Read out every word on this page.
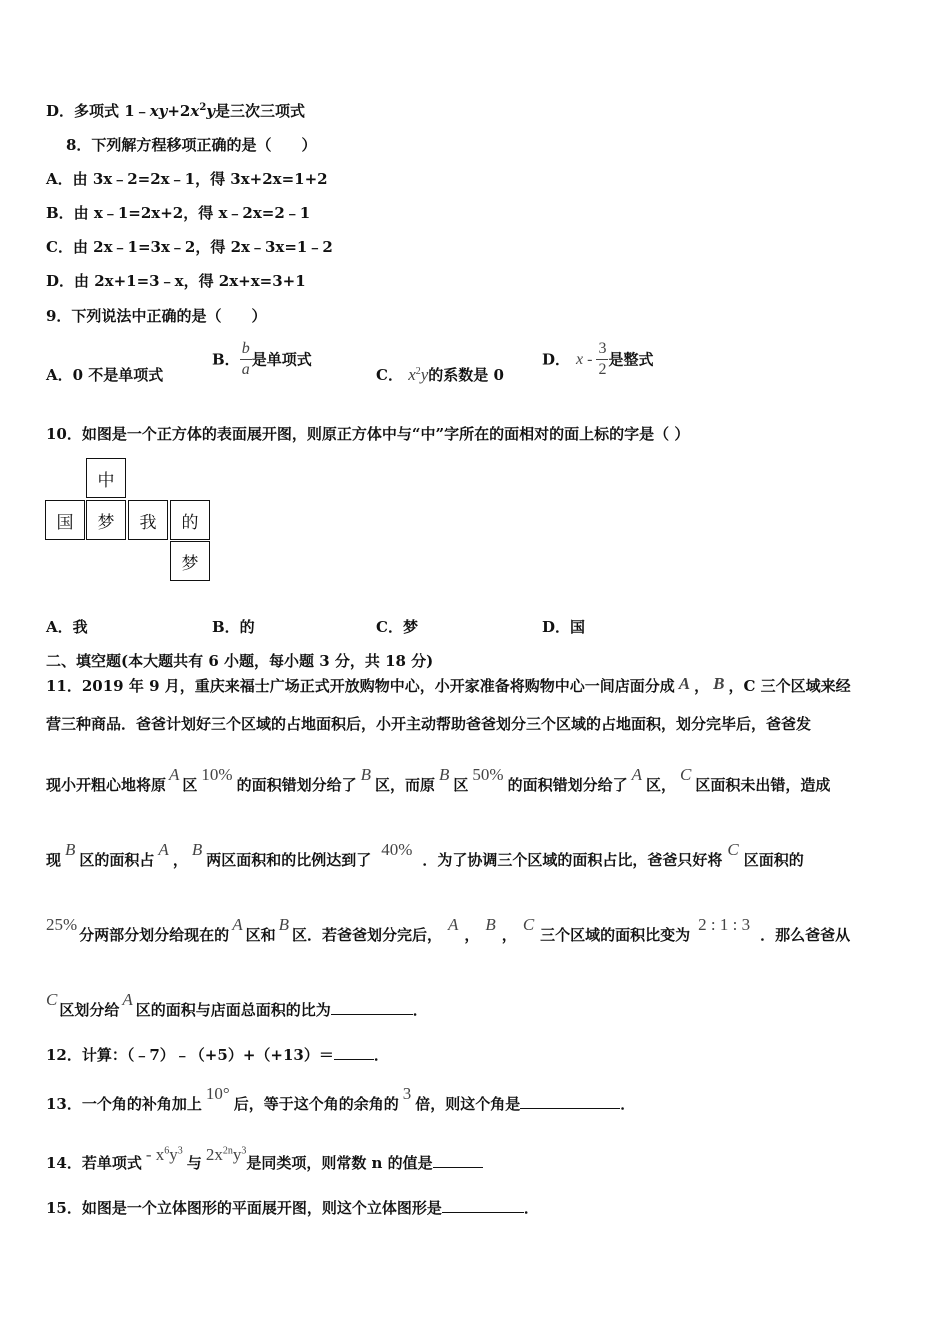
D．多项式 $1﹣xy+2x^2y$是三次三项式
8．下列解方程移项正确的是（　　）
A．由 3x﹣2=2x﹣1，得 3x+2x=1+2
B．由 x﹣1=2x+2，得 x﹣2x=2﹣1
C．由 2x﹣1=3x﹣2，得 2x﹣3x=1﹣2
D．由 2x+1=3﹣x，得 2x+x=3+1
9．下列说法中正确的是（　　）
A．0 不是单项式
B． $\frac{b}{a}$ 是单项式
C． $x^2y$的系数是 0
D． x - $\frac{3}{2}$ 是整式
10．如图是一个正方体的表面展开图，则原正方体中与“中”字所在的面相对的面上标的字是（ ）
中
国	梦	我	的
梦
A．我	B．的	C．梦	D．国
二、填空题(本大题共有 6 小题，每小题 3 分，共 18 分)
11．2019 年 9 月，重庆来福士广场正式开放购物中心，小开家准备将购物中心一间店面分成 A ， B ，C 三个区域来经
营三种商品．爸爸计划好三个区域的占地面积后，小开主动帮助爸爸划分三个区域的占地面积，划分完毕后，爸爸发
现小开粗心地将原A区10%的面积错划分给了B区，而原B区50%的面积错划分给了A区，C区面积未出错，造成
现B区的面积占A，B两区面积和的比例达到了40%．为了协调三个区域的面积占比，爸爸只好将C区面积的
25%分两部分划分给现在的A区和B区．若爸爸划分完后，A，B，C三个区域的面积比变为2 : 1 : 3．那么爸爸从
C区划分给A区的面积与店面总面积的比为	．
12．计算：（﹣7）﹣（+5）+（+13）＝	．
13．一个角的补角加上10°后，等于这个角的余角的3倍，则这个角是	．
14．若单项式 - $x^6y^3$与 $2x^{2n}y^3$是同类项，则常数 n 的值是
15．如图是一个立体图形的平面展开图，则这个立体图形是	．
